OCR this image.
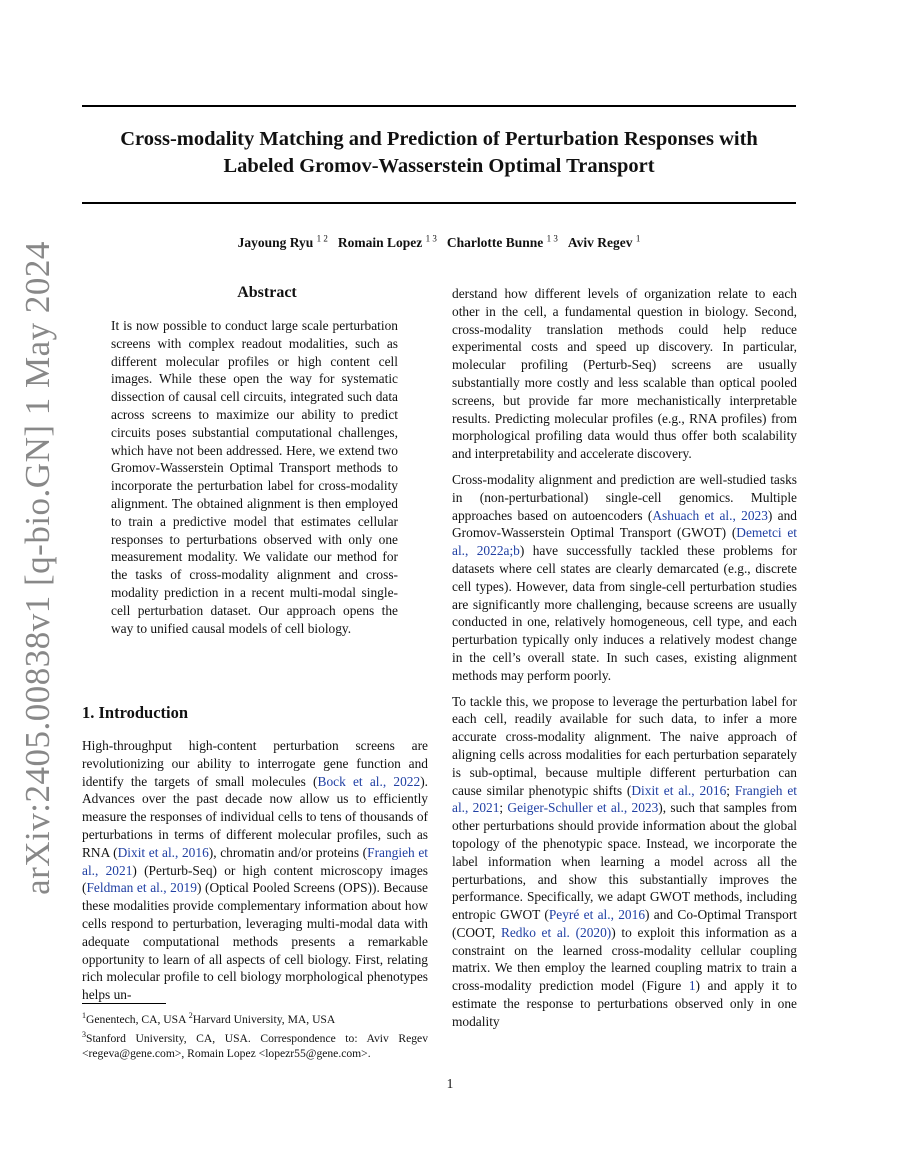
arXiv:2405.00838v1 [q-bio.GN] 1 May 2024
Cross-modality Matching and Prediction of Perturbation Responses with
Labeled Gromov-Wasserstein Optimal Transport
Jayoung Ryu $^{1 2}$ Romain Lopez $^{1 3}$ Charlotte Bunne $^{1 3}$ Aviv Regev $^1$
Abstract

It is now possible to conduct large scale perturbation screens with complex readout modalities, such as different molecular profiles or high content cell images. While these open the way for systematic dissection of causal cell circuits, integrated such data across screens to maximize our ability to predict circuits poses substantial computational challenges, which have not been addressed. Here, we extend two Gromov-Wasserstein Optimal Transport methods to incorporate the perturbation label for cross-modality alignment. The obtained alignment is then employed to train a predictive model that estimates cellular responses to perturbations observed with only one measurement modality. We validate our method for the tasks of cross-modality alignment and cross-modality prediction in a recent multi-modal single-cell perturbation dataset. Our approach opens the way to unified causal models of cell biology.

1. Introduction

High-throughput high-content perturbation screens are revolutionizing our ability to interrogate gene function and identify the targets of small molecules (Bock et al., 2022). Advances over the past decade now allow us to efficiently measure the responses of individual cells to tens of thousands of perturbations in terms of different molecular profiles, such as RNA (Dixit et al., 2016), chromatin and/or proteins (Frangieh et al., 2021) (Perturb-Seq) or high content microscopy images (Feldman et al., 2019) (Optical Pooled Screens (OPS)). Because these modalities provide complementary information about how cells respond to perturbation, leveraging multi-modal data with adequate computational methods presents a remarkable opportunity to learn of all aspects of cell biology. First, relating rich molecular profile to cell biology morphological phenotypes helps un-

derstand how different levels of organization relate to each other in the cell, a fundamental question in biology. Second, cross-modality translation methods could help reduce experimental costs and speed up discovery. In particular, molecular profiling (Perturb-Seq) screens are usually substantially more costly and less scalable than optical pooled screens, but provide far more mechanistically interpretable results. Predicting molecular profiles (e.g., RNA profiles) from morphological profiling data would thus offer both scalability and interpretability and accelerate discovery.

Cross-modality alignment and prediction are well-studied tasks in (non-perturbational) single-cell genomics. Multiple approaches based on autoencoders (Ashuach et al., 2023) and Gromov-Wasserstein Optimal Transport (GWOT) (Demetci et al., 2022a;b) have successfully tackled these problems for datasets where cell states are clearly demarcated (e.g., discrete cell types). However, data from single-cell perturbation studies are significantly more challenging, because screens are usually conducted in one, relatively homogeneous, cell type, and each perturbation typically only induces a relatively modest change in the cell’s overall state. In such cases, existing alignment methods may perform poorly.

To tackle this, we propose to leverage the perturbation label for each cell, readily available for such data, to infer a more accurate cross-modality alignment. The naive approach of aligning cells across modalities for each perturbation separately is sub-optimal, because multiple different perturbation can cause similar phenotypic shifts (Dixit et al., 2016; Frangieh et al., 2021; Geiger-Schuller et al., 2023), such that samples from other perturbations should provide information about the global topology of the phenotypic space. Instead, we incorporate the label information when learning a model across all the perturbations, and show this substantially improves the performance. Specifically, we adapt GWOT methods, including entropic GWOT (Peyré et al., 2016) and Co-Optimal Transport (COOT, Redko et al. (2020)) to exploit this information as a constraint on the learned cross-modality cellular coupling matrix. We then employ the learned coupling matrix to train a cross-modality prediction model (Figure 1) and apply it to estimate the response to perturbations observed only in one modality

$^1$Genentech, CA, USA $^2$Harvard University, MA, USA
$^3$Stanford University, CA, USA. Correspondence to: Aviv Regev <regeva@gene.com>, Romain Lopez <lopezr55@gene.com>.

1
